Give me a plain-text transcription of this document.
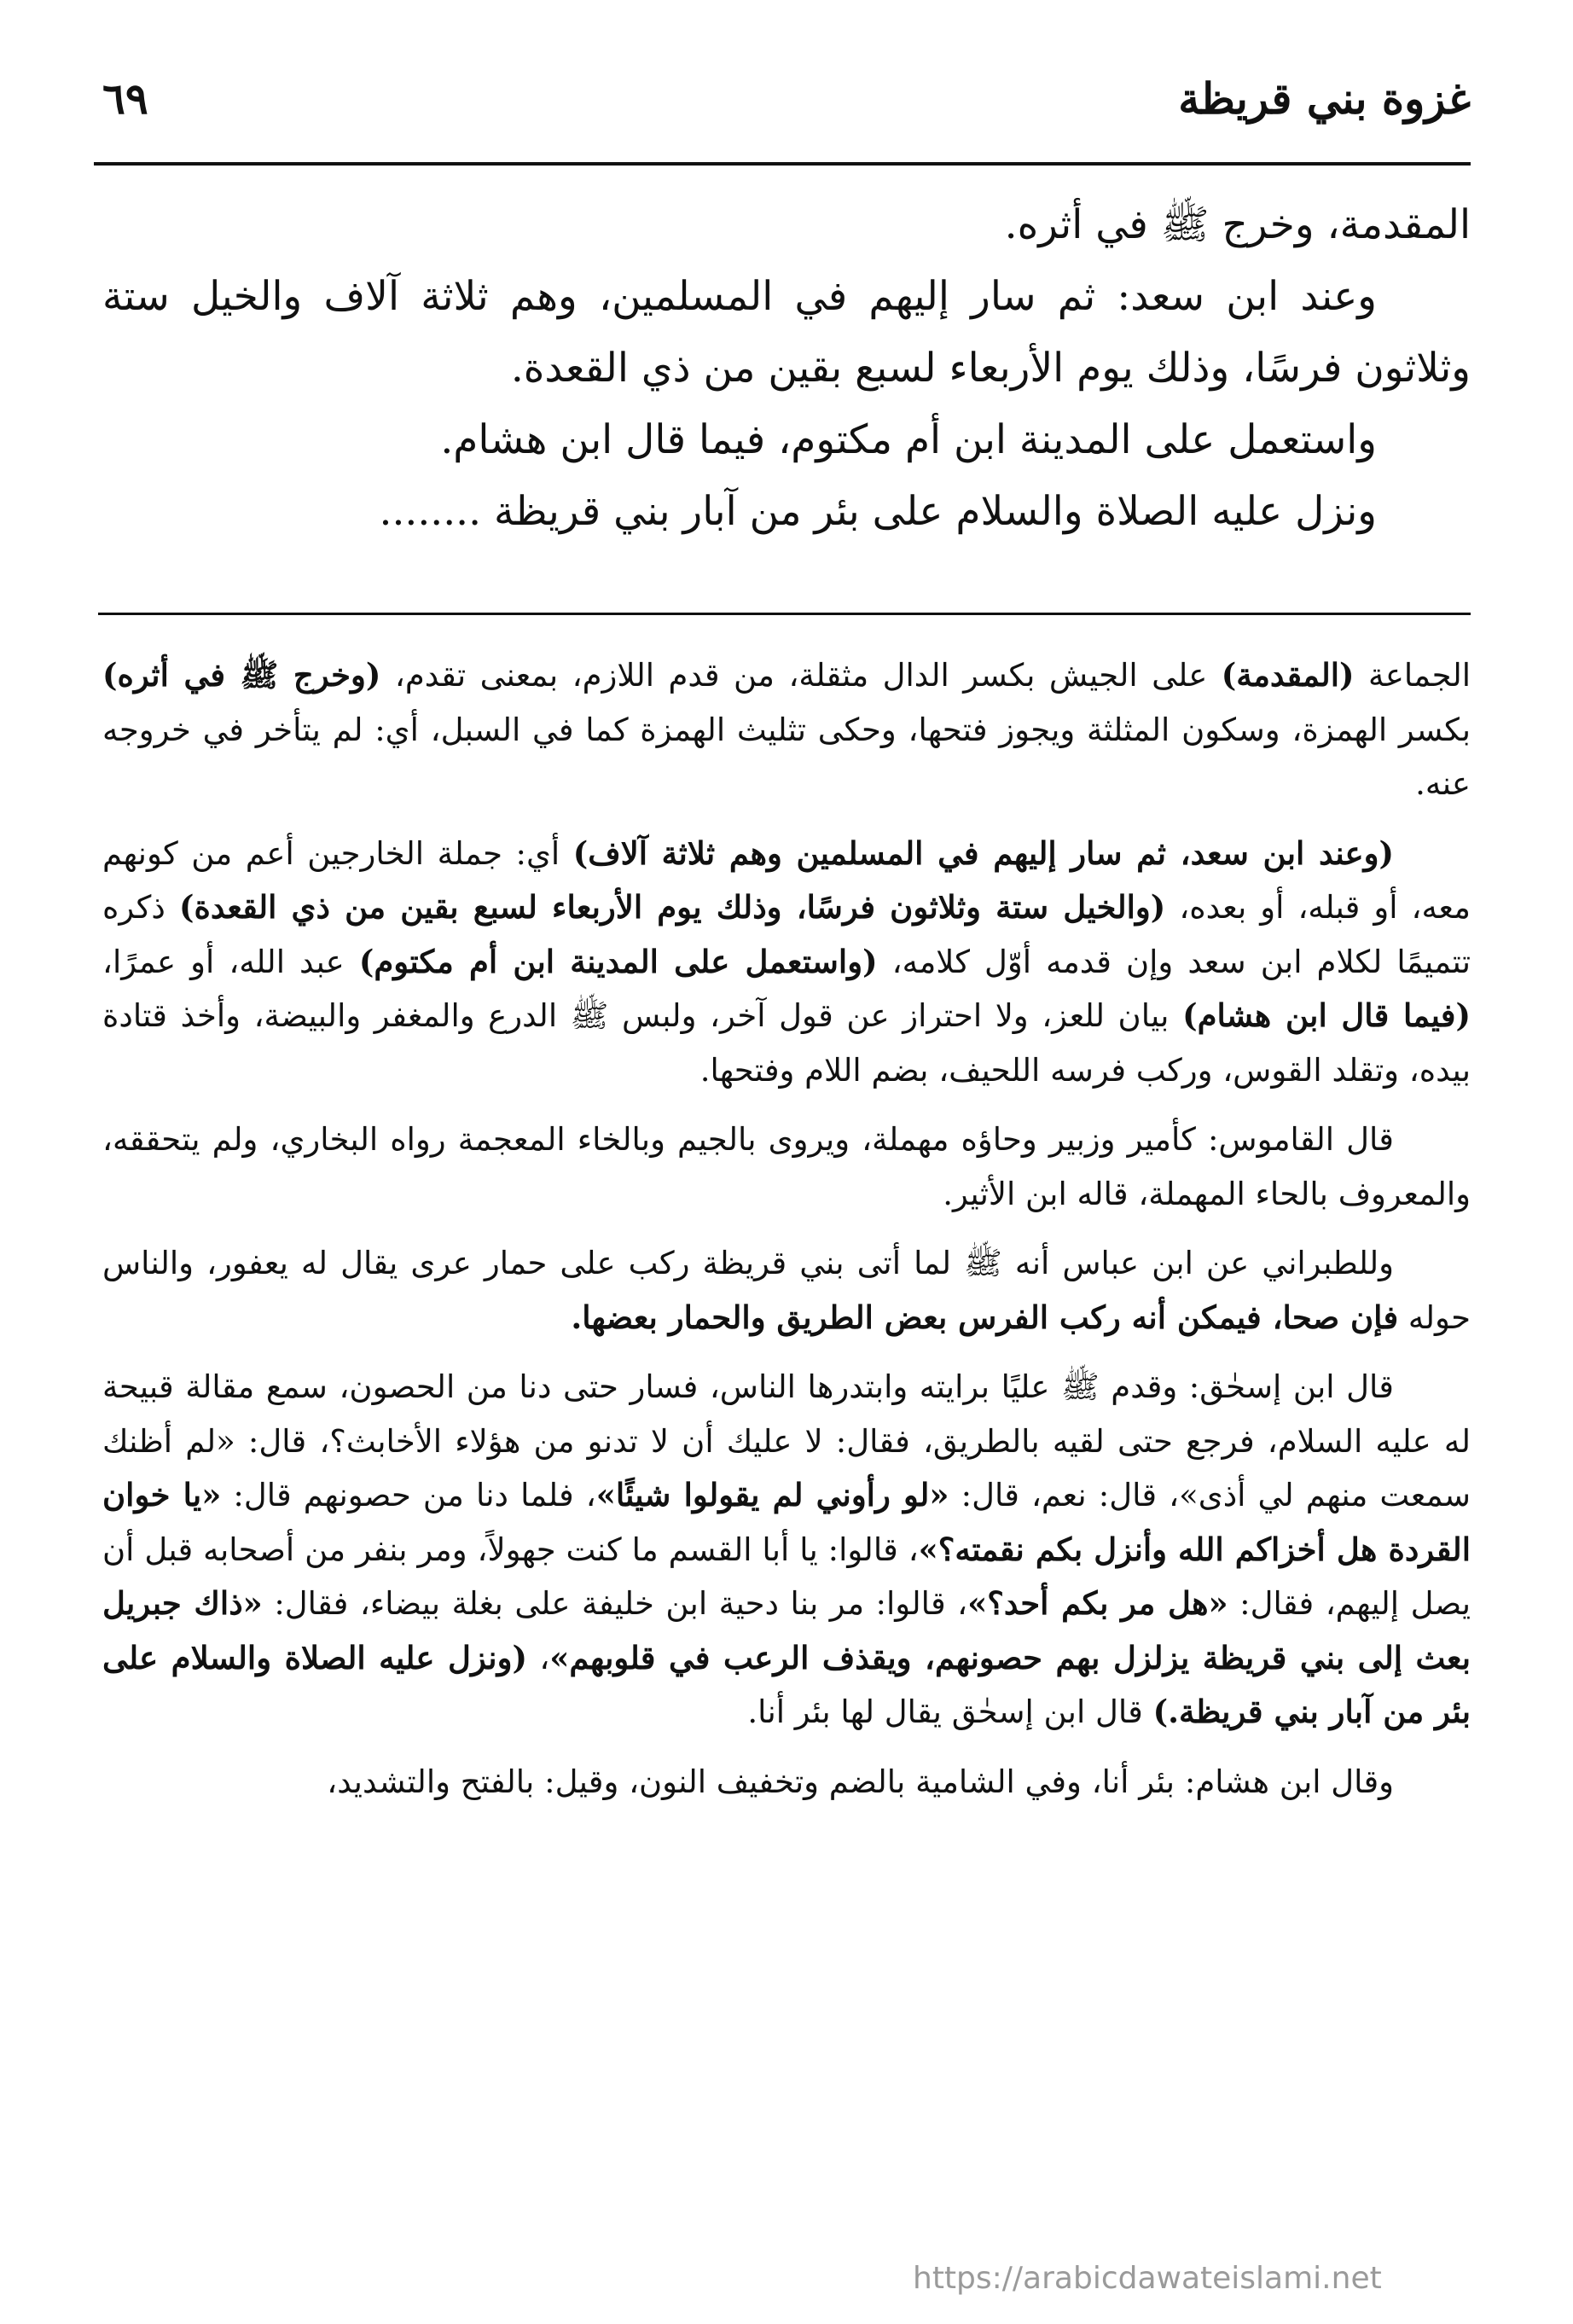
غزوة بني قريظة
٦٩

المقدمة، وخرج ﷺ في أثره.

وعند ابن سعد: ثم سار إليهم في المسلمين، وهم ثلاثة آلاف والخيل ستة وثلاثون فرسًا، وذلك يوم الأربعاء لسبع بقين من ذي القعدة.

واستعمل على المدينة ابن أم مكتوم، فيما قال ابن هشام.

ونزل عليه الصلاة والسلام على بئر من آبار بني قريظة ........

الجماعة (المقدمة) على الجيش بكسر الدال مثقلة، من قدم اللازم، بمعنى تقدم، (وخرج ﷺ في أثره) بكسر الهمزة، وسكون المثلثة ويجوز فتحها، وحكى تثليث الهمزة كما في السبل، أي: لم يتأخر في خروجه عنه.

(وعند ابن سعد، ثم سار إليهم في المسلمين وهم ثلاثة آلاف) أي: جملة الخارجين أعم من كونهم معه، أو قبله، أو بعده، (والخيل ستة وثلاثون فرسًا، وذلك يوم الأربعاء لسبع بقين من ذي القعدة) ذكره تتميمًا لكلام ابن سعد وإن قدمه أوّل كلامه، (واستعمل على المدينة ابن أم مكتوم) عبد الله، أو عمرًا، (فيما قال ابن هشام) بيان للعز، ولا احتراز عن قول آخر، ولبس ﷺ الدرع والمغفر والبيضة، وأخذ قتادة بيده، وتقلد القوس، وركب فرسه اللحيف، بضم اللام وفتحها.

قال القاموس: كأمير وزبير وحاؤه مهملة، ويروى بالجيم وبالخاء المعجمة رواه البخاري، ولم يتحققه، والمعروف بالحاء المهملة، قاله ابن الأثير.

وللطبراني عن ابن عباس أنه ﷺ لما أتى بني قريظة ركب على حمار عرى يقال له يعفور، والناس حوله فإن صحا، فيمكن أنه ركب الفرس بعض الطريق والحمار بعضها.

قال ابن إسحٰق: وقدم ﷺ عليًا برايته وابتدرها الناس، فسار حتى دنا من الحصون، سمع مقالة قبيحة له عليه السلام، فرجع حتى لقيه بالطريق، فقال: لا عليك أن لا تدنو من هؤلاء الأخابث؟، قال: «لم أظنك سمعت منهم لي أذى»، قال: نعم، قال: «لو رأوني لم يقولوا شيئًا»، فلما دنا من حصونهم قال: «يا خوان القردة هل أخزاكم الله وأنزل بكم نقمته؟»، قالوا: يا أبا القسم ما كنت جهولاً، ومر بنفر من أصحابه قبل أن يصل إليهم، فقال: «هل مر بكم أحد؟»، قالوا: مر بنا دحية ابن خليفة على بغلة بيضاء، فقال: «ذاك جبريل بعث إلى بني قريظة يزلزل بهم حصونهم، ويقذف الرعب في قلوبهم»، (ونزل عليه الصلاة والسلام على بئر من آبار بني قريظة.) قال ابن إسحٰق يقال لها بئر أنا.

وقال ابن هشام: بئر أنا، وفي الشامية بالضم وتخفيف النون، وقيل: بالفتح والتشديد،

https://arabicdawateislami.net
